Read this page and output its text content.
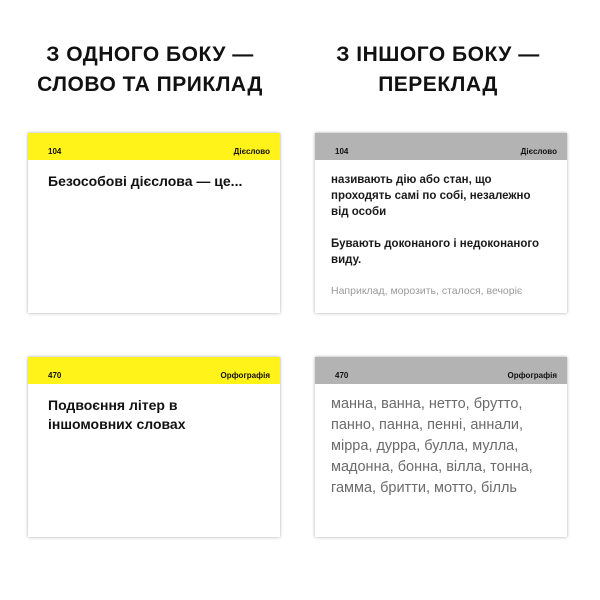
З ОДНОГО БОКУ —
СЛОВО ТА ПРИКЛАД
З ІНШОГО БОКУ —
ПЕРЕКЛАД
104	Дієслово
Безособові дієслова — це...
104	Дієслово

називають дію або стан, що проходять самі по собі, незалежно від особи

Бувають доконаного і недоконаного виду.

Наприклад, морозить, сталося, вечоріє
470	Орфографія
Подвоєння літер в іншомовних словах
470	Орфографія
манна, ванна, нетто, брутто, панно, панна, пенні, аннали, мірра, дурра, булла, мулла, мадонна, бонна, вілла, тонна, гамма, бритти, мотто, білль
